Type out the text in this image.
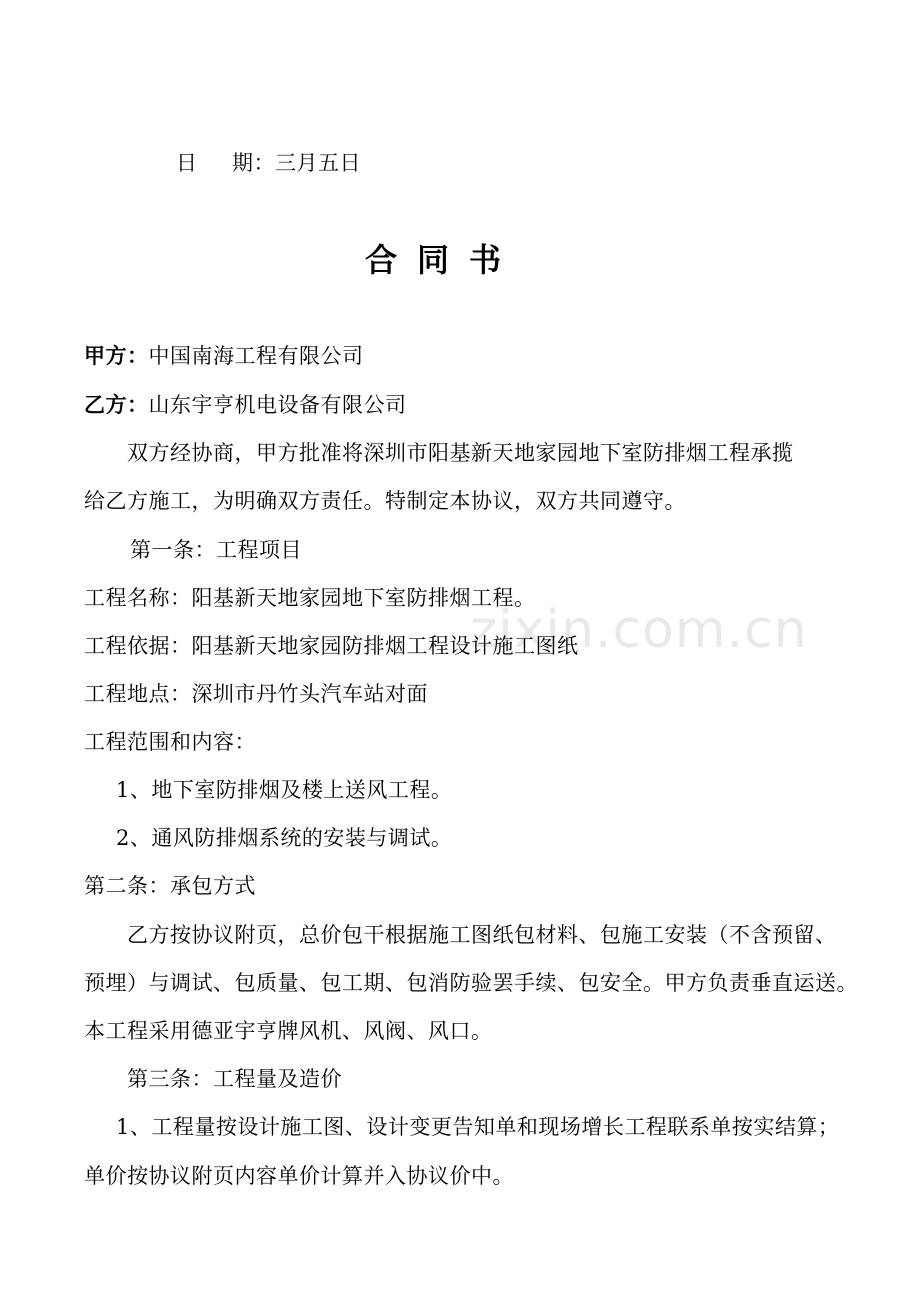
zixin.com.cn
日 期：三月五日
合同书
甲方：中国南海工程有限公司
乙方：山东宇亨机电设备有限公司
双方经协商，甲方批准将深圳市阳基新天地家园地下室防排烟工程承揽
给乙方施工，为明确双方责任。特制定本协议，双方共同遵守。
第一条：工程项目
工程名称：阳基新天地家园地下室防排烟工程。
工程依据：阳基新天地家园防排烟工程设计施工图纸
工程地点：深圳市丹竹头汽车站对面
工程范围和内容：
1、地下室防排烟及楼上送风工程。
2、通风防排烟系统的安装与调试。
第二条：承包方式
乙方按协议附页，总价包干根据施工图纸包材料、包施工安装（不含预留、
预埋）与调试、包质量、包工期、包消防验罢手续、包安全。甲方负责垂直运送。
本工程采用德亚宇亨牌风机、风阀、风口。
第三条：工程量及造价
1、工程量按设计施工图、设计变更告知单和现场增长工程联系单按实结算；
单价按协议附页内容单价计算并入协议价中。
